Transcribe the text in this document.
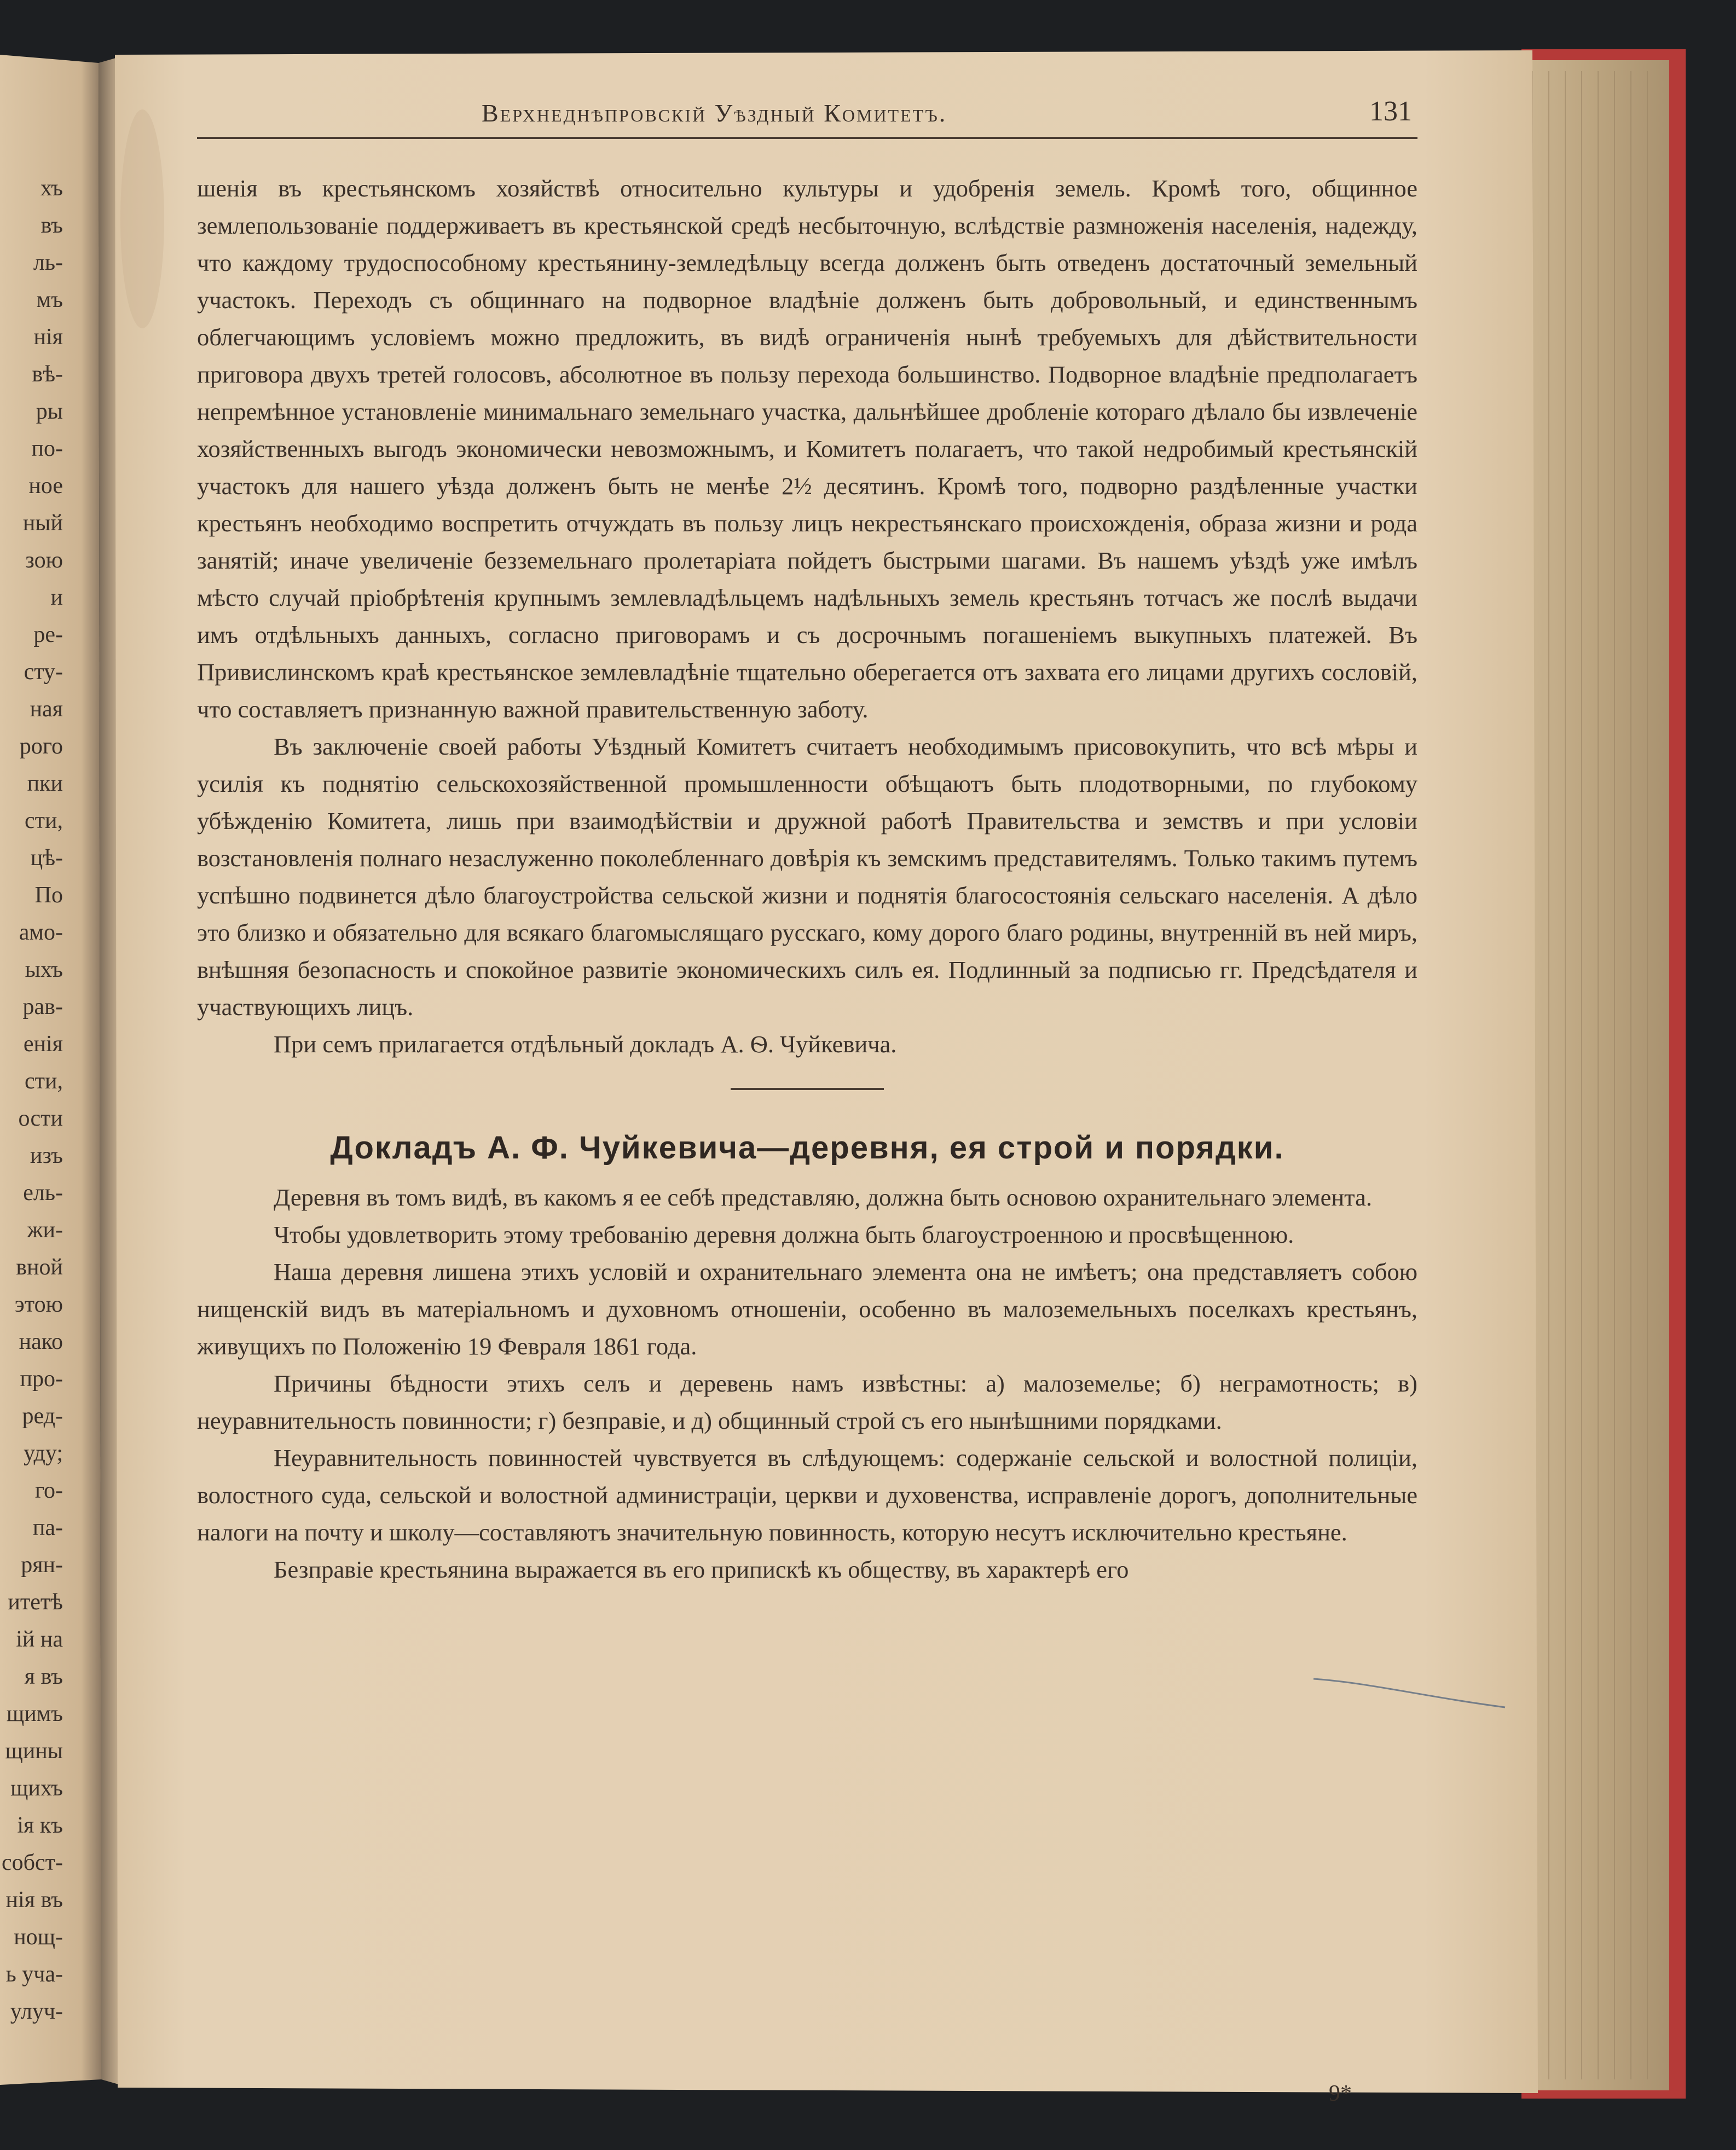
хъ
въ
ль-
мъ
нія
вѣ-
ры
по-
ное
ный
зою
и
ре-
сту-
ная
рого
пки
сти,
цѣ-
По
амо-
ыхъ
рав-
енія
сти,
ости
изъ
ель-
жи-
вной
этою
нако
про-
ред-
уду;
го-
па-
рян-
итетѣ
ій на
я въ
щимъ
щины
щихъ
ія къ
собст-
нія въ
нощ-
ь уча-
улуч-
Верхнеднѣпровскій Уѣздный Комитетъ.	131

шенія въ крестьянскомъ хозяйствѣ относительно культуры и удобренія земель. Кромѣ того, общинное землепользованіе поддерживаетъ въ крестьянской средѣ несбыточную, вслѣдствіе размноженія населенія, надежду, что каждому трудоспособному крестьянину-земледѣльцу всегда долженъ быть отведенъ достаточный земельный участокъ. Переходъ съ общиннаго на подворное владѣніе долженъ быть добровольный, и единственнымъ облегчающимъ условіемъ можно предложить, въ видѣ ограниченія нынѣ требуемыхъ для дѣйствительности приговора двухъ третей голосовъ, абсолютное въ пользу перехода большинство. Подворное владѣніе предполагаетъ непремѣнное установленіе минимальнаго земельнаго участка, дальнѣйшее дробленіе котораго дѣлало бы извлеченіе хозяйственныхъ выгодъ экономически невозможнымъ, и Комитетъ полагаетъ, что такой недробимый крестьянскій участокъ для нашего уѣзда долженъ быть не менѣе 2½ десятинъ. Кромѣ того, подворно раздѣленные участки крестьянъ необходимо воспретить отчуждать въ пользу лицъ некрестьянскаго происхожденія, образа жизни и рода занятій; иначе увеличеніе безземельнаго пролетаріата пойдетъ быстрыми шагами. Въ нашемъ уѣздѣ уже имѣлъ мѣсто случай пріобрѣтенія крупнымъ землевладѣльцемъ надѣльныхъ земель крестьянъ тотчасъ же послѣ выдачи имъ отдѣльныхъ данныхъ, согласно приговорамъ и съ досрочнымъ погашеніемъ выкупныхъ платежей. Въ Привислинскомъ краѣ крестьянское землевладѣніе тщательно оберегается отъ захвата его лицами другихъ сословій, что составляетъ признанную важной правительственную заботу.

Въ заключеніе своей работы Уѣздный Комитетъ считаетъ необходимымъ присовокупить, что всѣ мѣры и усилія къ поднятію сельскохозяйственной промышленности обѣщаютъ быть плодотворными, по глубокому убѣжденію Комитета, лишь при взаимодѣйствіи и дружной работѣ Правительства и земствъ и при условіи возстановленія полнаго незаслуженно поколебленнаго довѣрія къ земскимъ представителямъ. Только такимъ путемъ успѣшно подвинется дѣло благоустройства сельской жизни и поднятія благосостоянія сельскаго населенія. А дѣло это близко и обязательно для всякаго благомыслящаго русскаго, кому дорого благо родины, внутренній въ ней миръ, внѣшняя безопасность и спокойное развитіе экономическихъ силъ ея. Подлинный за подписью гг. Предсѣдателя и участвующихъ лицъ.

При семъ прилагается отдѣльный докладъ А. Ѳ. Чуйкевича.

Докладъ А. Ф. Чуйкевича—деревня, ея строй и порядки.

Деревня въ томъ видѣ, въ какомъ я ее себѣ представляю, должна быть основою охранительнаго элемента.

Чтобы удовлетворить этому требованію деревня должна быть благоустроенною и просвѣщенною.

Наша деревня лишена этихъ условій и охранительнаго элемента она не имѣетъ; она представляетъ собою нищенскій видъ въ матеріальномъ и духовномъ отношеніи, особенно въ малоземельныхъ поселкахъ крестьянъ, живущихъ по Положенію 19 Февраля 1861 года.

Причины бѣдности этихъ селъ и деревень намъ извѣстны: а) малоземелье; б) неграмотность; в) неуравнительность повинности; г) безправіе, и д) общинный строй съ его нынѣшними порядками.

Неуравнительность повинностей чувствуется въ слѣдующемъ: содержаніе сельской и волостной полиціи, волостного суда, сельской и волостной администраціи, церкви и духовенства, исправленіе дорогъ, дополнительные налоги на почту и школу—составляютъ значительную повинность, которую несутъ исключительно крестьяне.

Безправіе крестьянина выражается въ его припискѣ къ обществу, въ характерѣ его

9*
